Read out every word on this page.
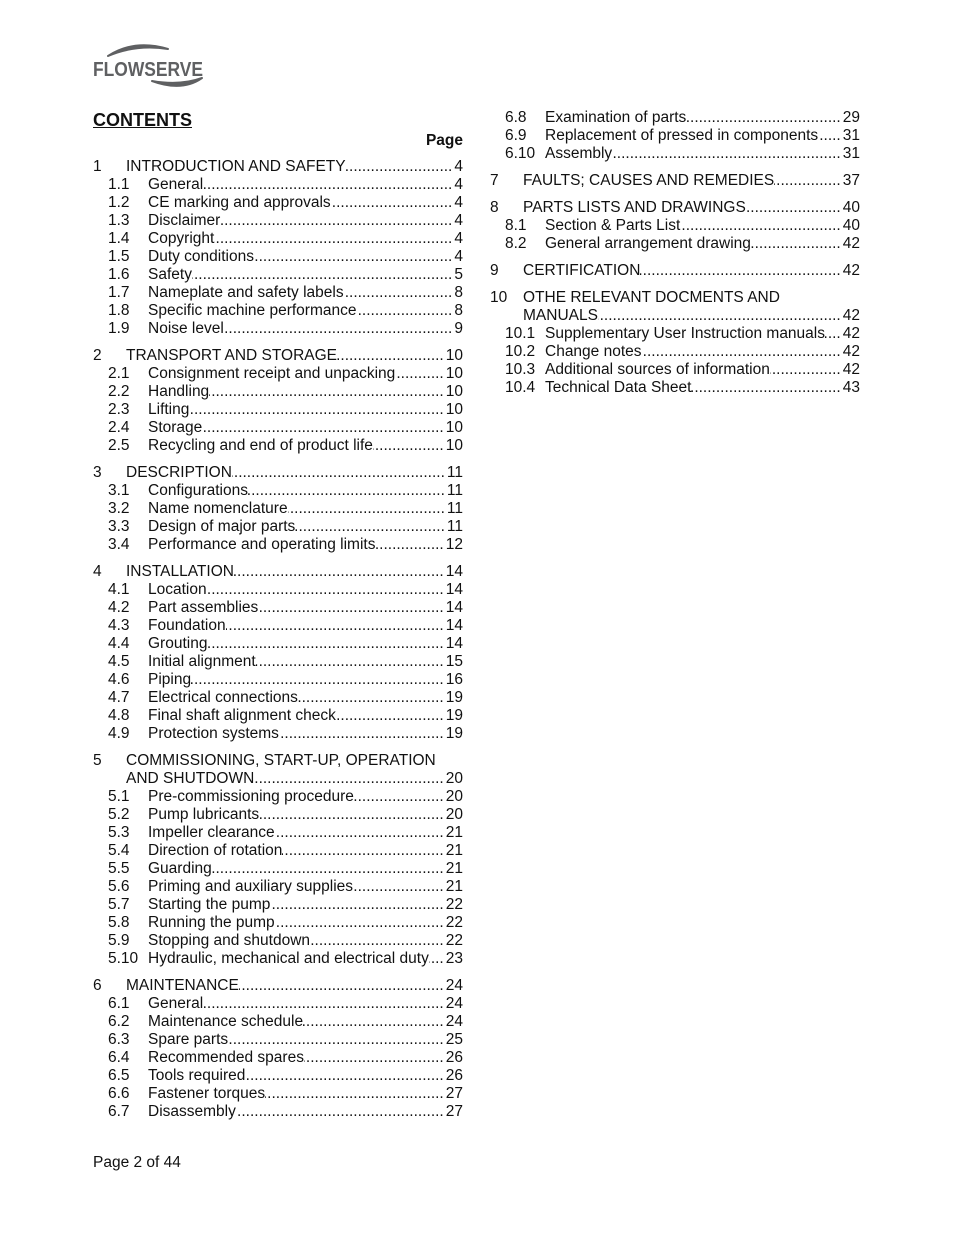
FLOWSERVE
CONTENTS
Page
1	INTRODUCTION AND SAFETY .....	4
1.1	General .....	4
1.2	CE marking and approvals .....	4
1.3	Disclaimer .....	4
1.4	Copyright .....	4
1.5	Duty conditions .....	4
1.6	Safety .....	5
1.7	Nameplate and safety labels .....	8
1.8	Specific machine performance .....	8
1.9	Noise level .....	9
2	TRANSPORT AND STORAGE .....	10
2.1	Consignment receipt and unpacking .....	10
2.2	Handling .....	10
2.3	Lifting .....	10
2.4	Storage .....	10
2.5	Recycling and end of product life .....	10
3	DESCRIPTION .....	11
3.1	Configurations .....	11
3.2	Name nomenclature .....	11
3.3	Design of major parts .....	11
3.4	Performance and operating limits .....	12
4	INSTALLATION .....	14
4.1	Location .....	14
4.2	Part assemblies .....	14
4.3	Foundation .....	14
4.4	Grouting .....	14
4.5	Initial alignment .....	15
4.6	Piping .....	16
4.7	Electrical connections .....	19
4.8	Final shaft alignment check .....	19
4.9	Protection systems .....	19
5	COMMISSIONING, START-UP, OPERATION
AND SHUTDOWN .....	20
5.1	Pre-commissioning procedure .....	20
5.2	Pump lubricants .....	20
5.3	Impeller clearance .....	21
5.4	Direction of rotation .....	21
5.5	Guarding .....	21
5.6	Priming and auxiliary supplies .....	21
5.7	Starting the pump .....	22
5.8	Running the pump .....	22
5.9	Stopping and shutdown .....	22
5.10 Hydraulic, mechanical and electrical duty ..... 23
6	MAINTENANCE .....	24
6.1	General .....	24
6.2	Maintenance schedule .....	24
6.3	Spare parts .....	25
6.4	Recommended spares .....	26
6.5	Tools required .....	26
6.6	Fastener torques .....	27
6.7	Disassembly .....	27
6.8	Examination of parts .....	29
6.9	Replacement of pressed in components ..... 31
6.10 Assembly .....	31
7	FAULTS; CAUSES AND REMEDIES .....	37
8	PARTS LISTS AND DRAWINGS .....	40
8.1	Section & Parts List .....	40
8.2	General arrangement drawing .....	42
9	CERTIFICATION .....	42
10	OTHE RELEVANT DOCMENTS AND
MANUALS .....	42
10.1 Supplementary User Instruction manuals ..... 42
10.2 Change notes .....	42
10.3 Additional sources of information .....	42
10.4 Technical Data Sheet .....	43
Page 2 of 44
